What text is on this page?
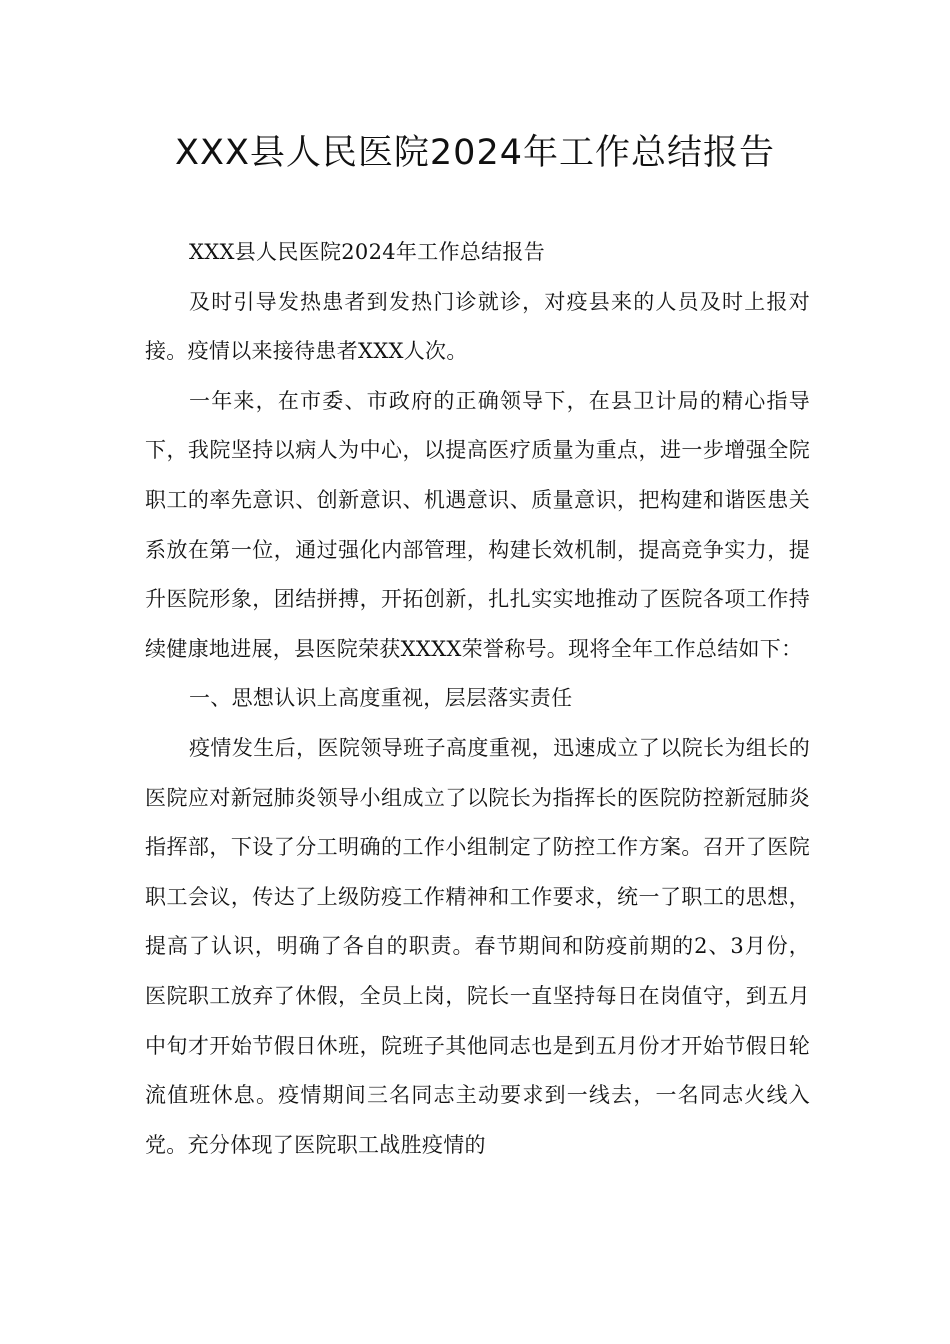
XXX县人民医院2024年工作总结报告

XXX县人民医院2024年工作总结报告

及时引导发热患者到发热门诊就诊，对疫县来的人员及时上报对接。疫情以来接待患者XXX人次。

一年来，在市委、市政府的正确领导下，在县卫计局的精心指导下，我院坚持以病人为中心，以提高医疗质量为重点，进一步增强全院职工的率先意识、创新意识、机遇意识、质量意识，把构建和谐医患关系放在第一位，通过强化内部管理，构建长效机制，提高竞争实力，提升医院形象，团结拼搏，开拓创新，扎扎实实地推动了医院各项工作持续健康地进展，县医院荣获XXXX荣誉称号。现将全年工作总结如下：

一、思想认识上高度重视，层层落实责任

疫情发生后，医院领导班子高度重视，迅速成立了以院长为组长的医院应对新冠肺炎领导小组成立了以院长为指挥长的医院防控新冠肺炎指挥部，下设了分工明确的工作小组制定了防控工作方案。召开了医院职工会议，传达了上级防疫工作精神和工作要求，统一了职工的思想，提高了认识，明确了各自的职责。春节期间和防疫前期的2、3月份，医院职工放弃了休假，全员上岗，院长一直坚持每日在岗值守，到五月中旬才开始节假日休班，院班子其他同志也是到五月份才开始节假日轮流值班休息。疫情期间三名同志主动要求到一线去，一名同志火线入党。充分体现了医院职工战胜疫情的
